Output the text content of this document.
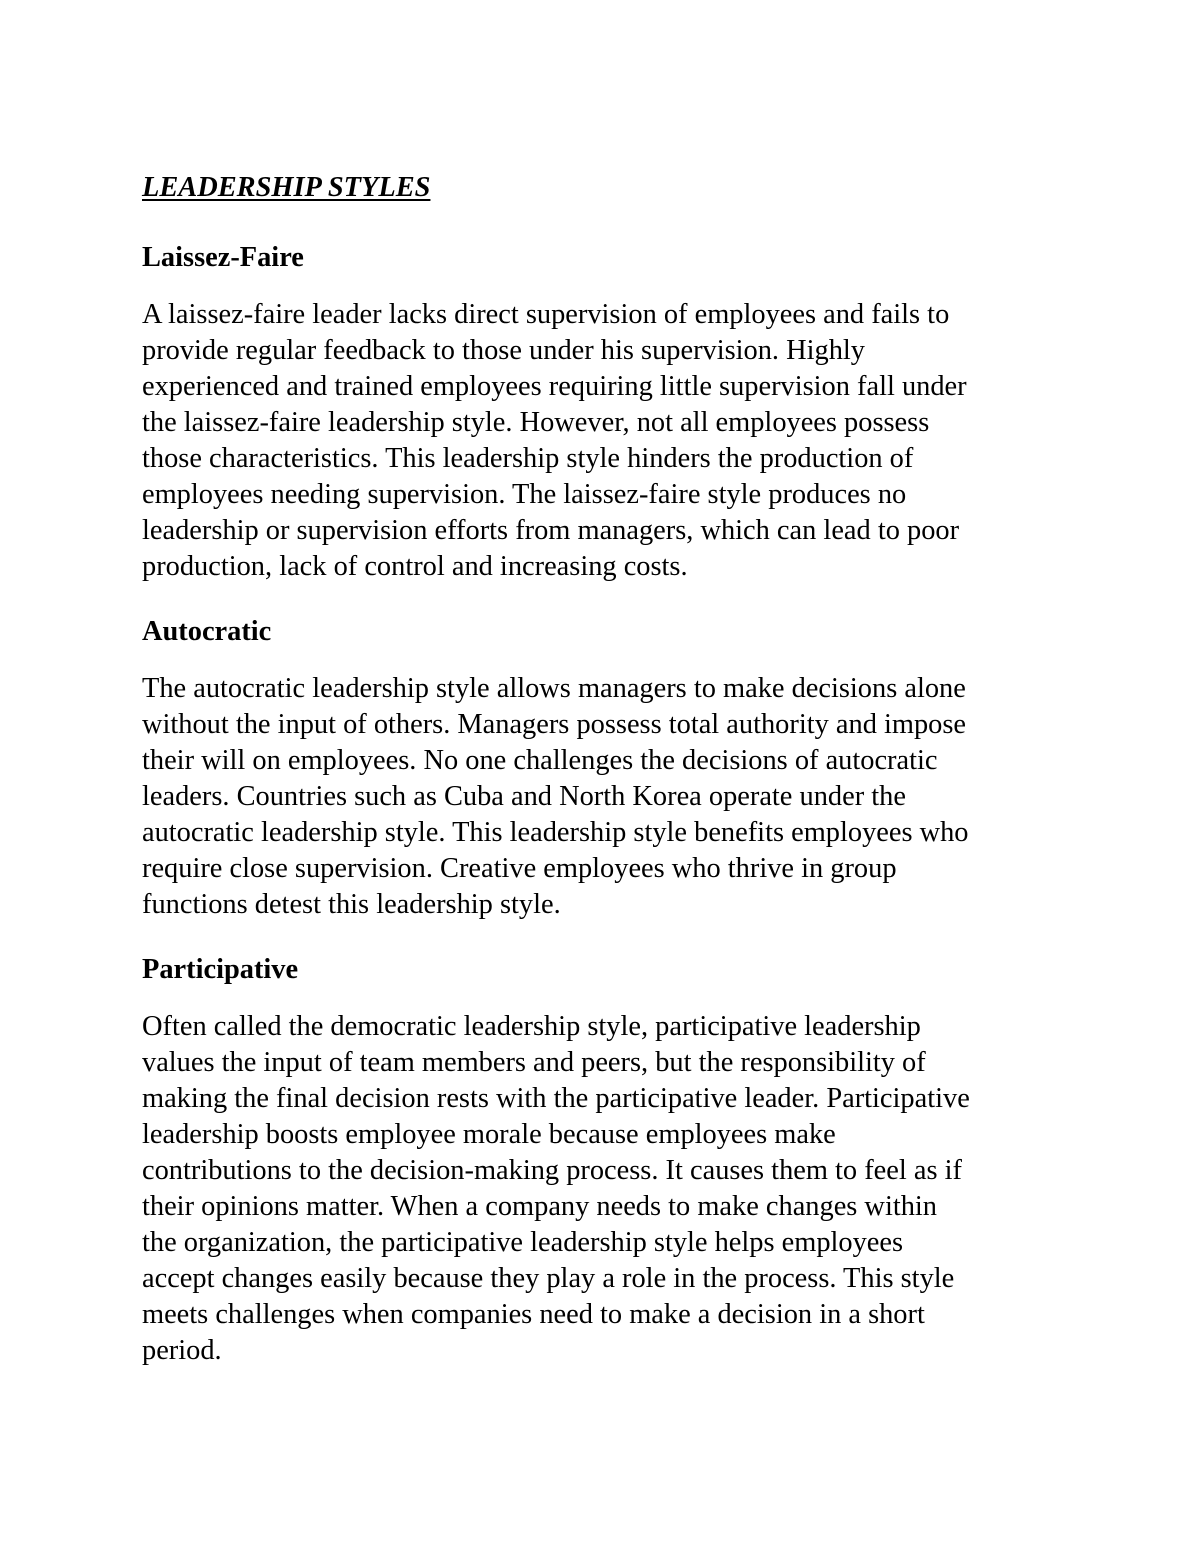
LEADERSHIP STYLES
Laissez-Faire
A laissez-faire leader lacks direct supervision of employees and fails to
provide regular feedback to those under his supervision. Highly
experienced and trained employees requiring little supervision fall under
the laissez-faire leadership style. However, not all employees possess
those characteristics. This leadership style hinders the production of
employees needing supervision. The laissez-faire style produces no
leadership or supervision efforts from managers, which can lead to poor
production, lack of control and increasing costs.
Autocratic
The autocratic leadership style allows managers to make decisions alone
without the input of others. Managers possess total authority and impose
their will on employees. No one challenges the decisions of autocratic
leaders. Countries such as Cuba and North Korea operate under the
autocratic leadership style. This leadership style benefits employees who
require close supervision. Creative employees who thrive in group
functions detest this leadership style.
Participative
Often called the democratic leadership style, participative leadership
values the input of team members and peers, but the responsibility of
making the final decision rests with the participative leader. Participative
leadership boosts employee morale because employees make
contributions to the decision-making process. It causes them to feel as if
their opinions matter. When a company needs to make changes within
the organization, the participative leadership style helps employees
accept changes easily because they play a role in the process. This style
meets challenges when companies need to make a decision in a short
period.
